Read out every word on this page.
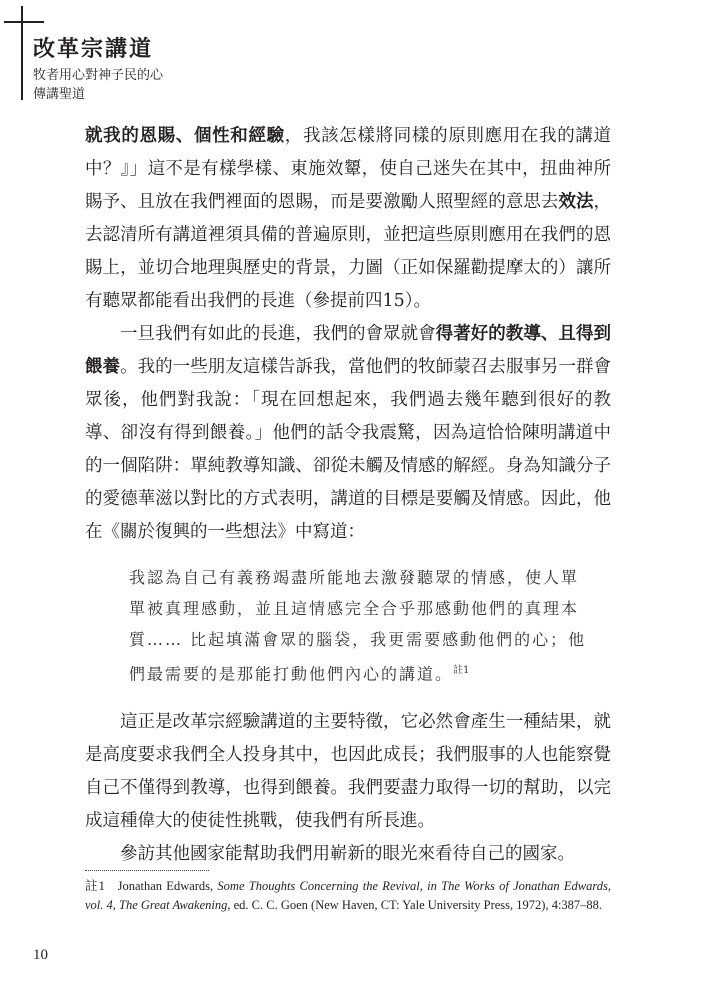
改革宗講道
牧者用心對神子民的心
傳講聖道

就我的恩賜、個性和經驗，我該怎樣將同樣的原則應用在我的講道中？』」這不是有樣學樣、東施效顰，使自己迷失在其中，扭曲神所賜予、且放在我們裡面的恩賜，而是要激勵人照聖經的意思去效法，去認清所有講道裡須具備的普遍原則，並把這些原則應用在我們的恩賜上，並切合地理與歷史的背景，力圖（正如保羅勸提摩太的）讓所有聽眾都能看出我們的長進（參提前四15）。

一旦我們有如此的長進，我們的會眾就會得著好的教導、且得到餵養。我的一些朋友這樣告訴我，當他們的牧師蒙召去服事另一群會眾後，他們對我說：「現在回想起來，我們過去幾年聽到很好的教導、卻沒有得到餵養。」他們的話令我震驚，因為這恰恰陳明講道中的一個陷阱：單純教導知識、卻從未觸及情感的解經。身為知識分子的愛德華滋以對比的方式表明，講道的目標是要觸及情感。因此，他在《關於復興的一些想法》中寫道：

我認為自己有義務竭盡所能地去激發聽眾的情感，使人單單被真理感動，並且這情感完全合乎那感動他們的真理本質…… 比起填滿會眾的腦袋，我更需要感動他們的心；他們最需要的是那能打動他們內心的講道。$^{註1}$

這正是改革宗經驗講道的主要特徵，它必然會產生一種結果，就是高度要求我們全人投身其中，也因此成長；我們服事的人也能察覺自己不僅得到教導，也得到餵養。我們要盡力取得一切的幫助，以完成這種偉大的使徒性挑戰，使我們有所長進。

參訪其他國家能幫助我們用嶄新的眼光來看待自己的國家。

註1 Jonathan Edwards, Some Thoughts Concerning the Revival, in The Works of Jonathan Edwards, vol. 4, The Great Awakening, ed. C. C. Goen (New Haven, CT: Yale University Press, 1972), 4:387–88.
10
